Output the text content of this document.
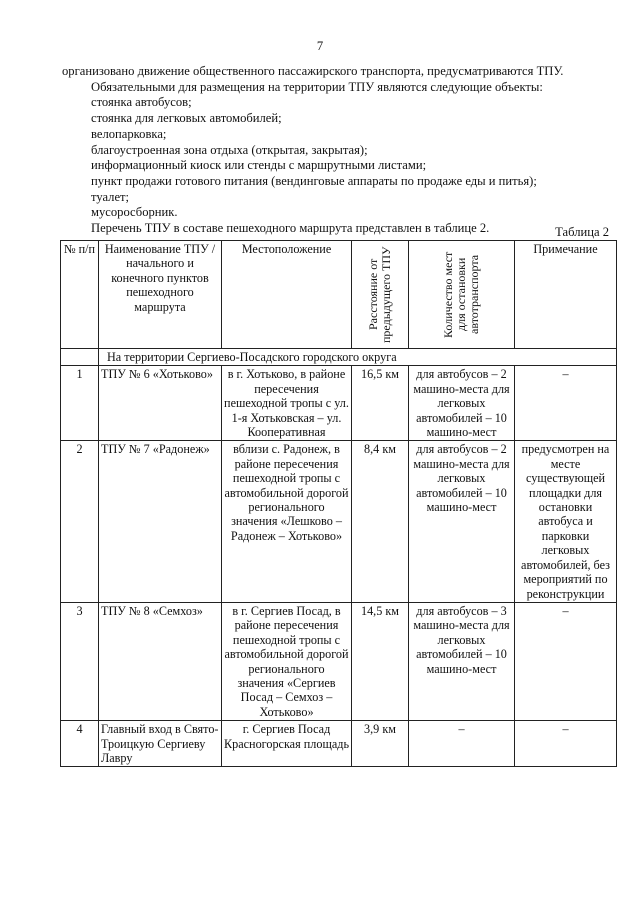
7

организовано движение общественного пассажирского транспорта, предусматриваются ТПУ.

Обязательными для размещения на территории ТПУ являются следующие объекты:

стоянка автобусов;

стоянка для легковых автомобилей;

велопарковка;

благоустроенная зона отдыха (открытая, закрытая);

информационный киоск или стенды с маршрутными листами;

пункт продажи готового питания (вендинговые аппараты по продаже еды и питья);

туалет;

мусоросборник.

Перечень ТПУ в составе пешеходного маршрута представлен в таблице 2.	Таблица 2
№ п/п	Наименование ТПУ / начального и конечного пунктов пешеходного маршрута	Местоположение	Расстояние от предыдущего ТПУ	Количество мест для остановки автотранспорта	Примечание
	На территории Сергиево-Посадского городского округа				
1	ТПУ № 6 «Хотьково»	в г. Хотьково, в районе пересечения пешеходной тропы с ул. 1-я Хотьковская – ул. Кооперативная	16,5 км	для автобусов – 2 машино-места для легковых автомобилей – 10 машино-мест	–
2	ТПУ № 7 «Радонеж»	вблизи с. Радонеж, в районе пересечения пешеходной тропы с автомобильной дорогой регионального значения «Лешково – Радонеж – Хотьково»	8,4 км	для автобусов – 2 машино-места для легковых автомобилей – 10 машино-мест	предусмотрен на месте существующей площадки для остановки автобуса и парковки легковых автомобилей, без мероприятий по реконструкции
3	ТПУ № 8 «Семхоз»	в г. Сергиев Посад, в районе пересечения пешеходной тропы с автомобильной дорогой регионального значения «Сергиев Посад – Семхоз – Хотьково»	14,5 км	для автобусов – 3 машино-места для легковых автомобилей – 10 машино-мест	–
4	Главный вход в Свято-Троицкую Сергиеву Лавру	г. Сергиев Посад Красногорская площадь	3,9 км	–	–
